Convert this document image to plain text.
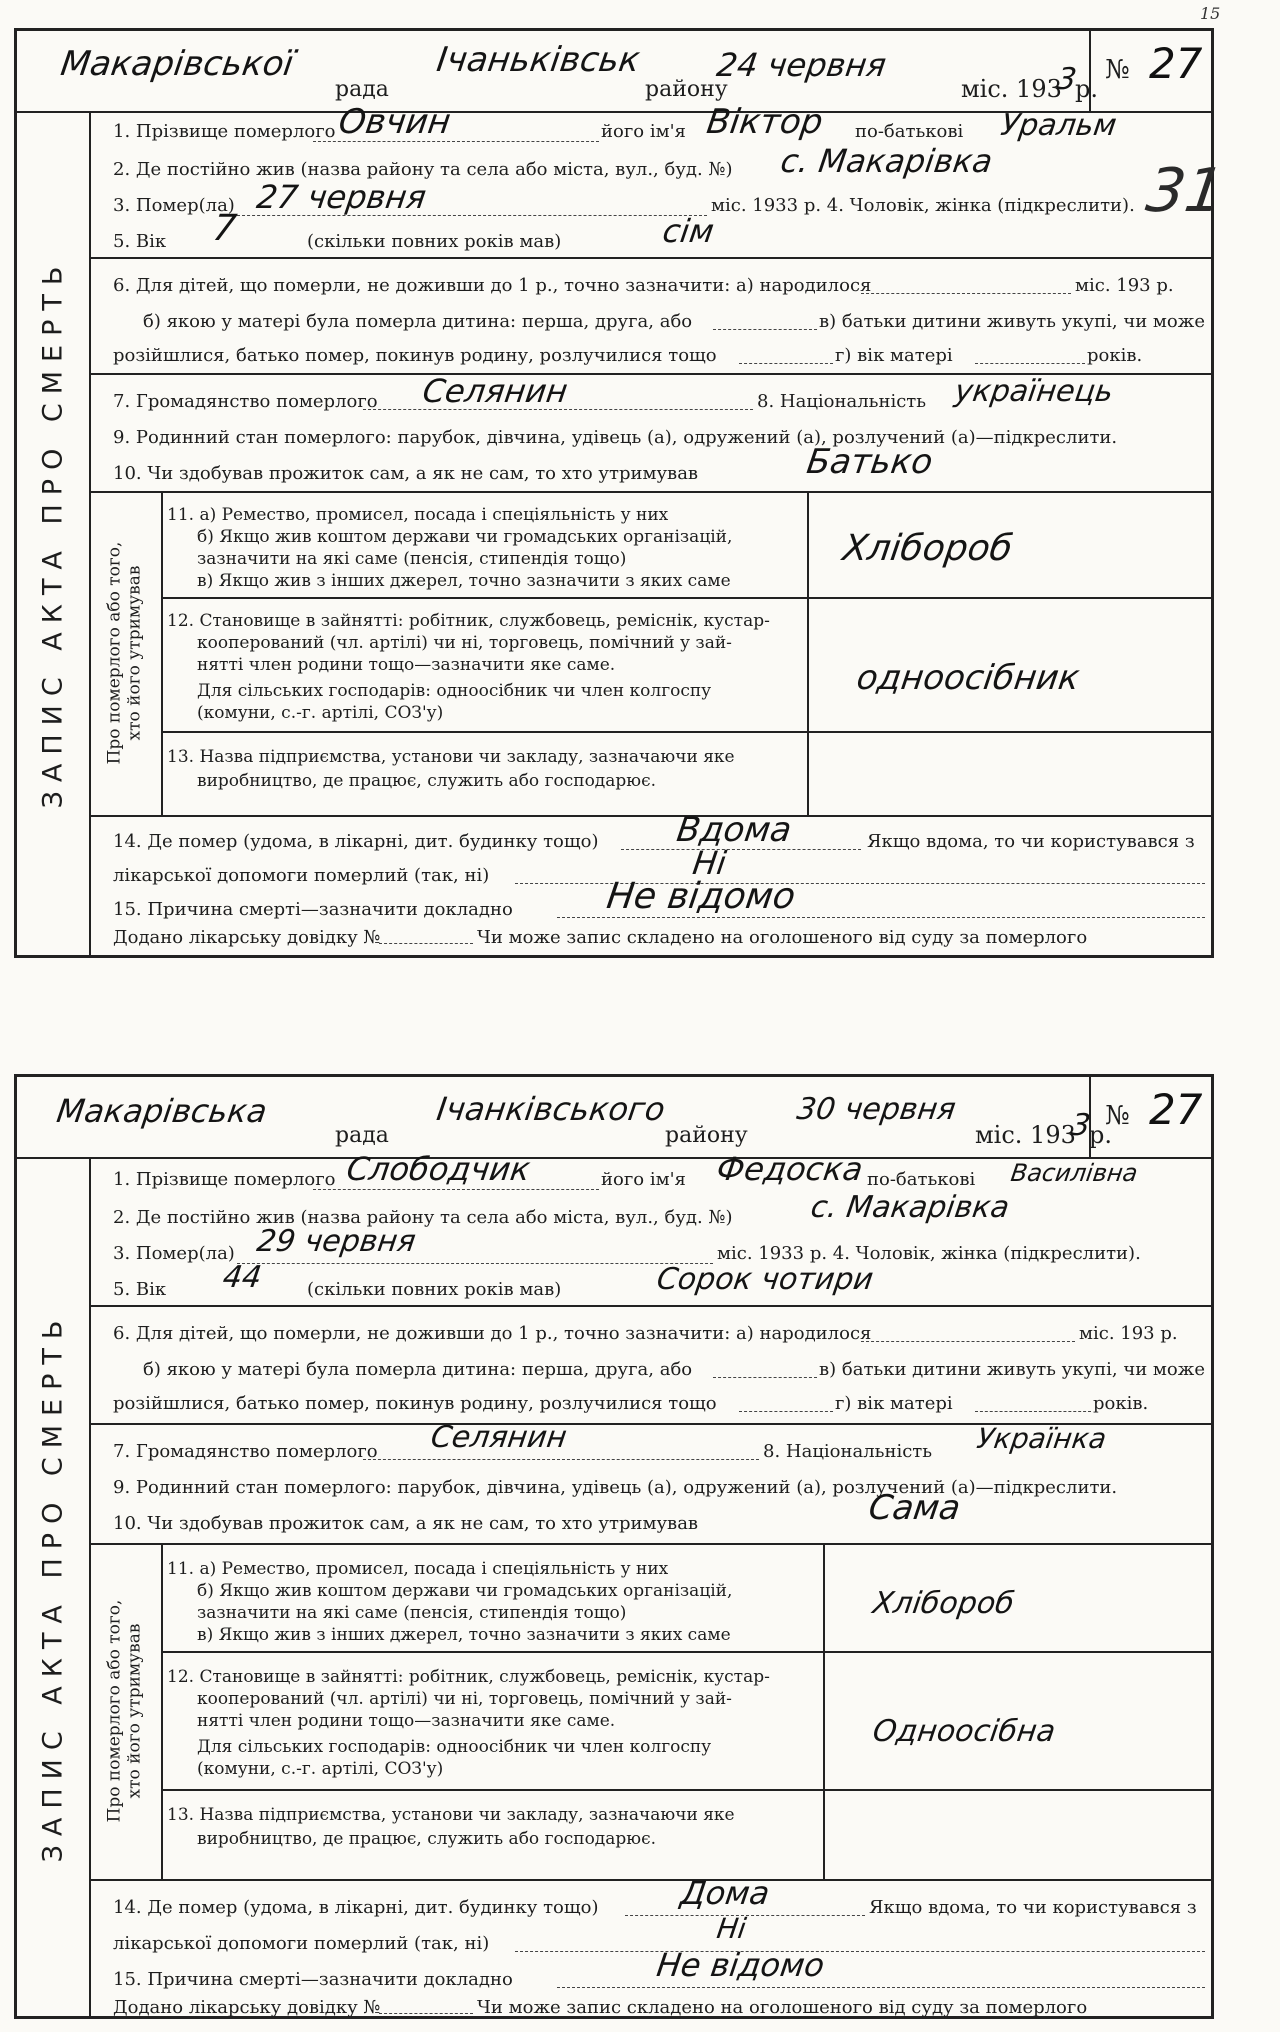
15
Макарівської
рада
Ічаньківськ
району
24 червня
міс. 193
3
р.
№ 27
ЗАПИС АКТА ПРО СМЕРТЬ
1. Прізвище померлого Овчин	його ім'я Віктор по-батькові Уральм
2. Де постійно жив (назва району та села або міста, вул., буд. №) с. Макарівка
3. Помер(ла) 27 червня	міс. 1933 р. 4. Чоловік, жінка (підкреслити). 31
5. Вік 7	(скільки повних років мав)	сім
6. Для дітей, що померли, не доживши до 1 р., точно зазначити: а) народилося	міс. 193 р.
б) якою у матері була померла дитина: перша, друга, або	в) батьки дитини живуть укупі, чи може
розійшлися, батько помер, покинув родину, розлучилися тощо	г) вік матері	років.
7. Громадянство померлого Селянин	8. Національність українець
9. Родинний стан померлого: парубок, дівчина, удівець (а), одружений (а), розлучений (а)—підкреслити.
10. Чи здобував прожиток сам, а як не сам, то хто утримував	Батько
Про померлого або того, хто його утримував
11. а) Ремество, промисел, посада і спеціяльність у них
б) Якщо жив коштом держави чи громадських організацій,
зазначити на які саме (пенсія, стипендія тощо)
в) Якщо жив з інших джерел, точно зазначити з яких саме
Хлібороб
12. Становище в зайнятті: робітник, службовець, реміснік, кустар-
кооперований (чл. артілі) чи ні, торговець, помічний у зай-
нятті член родини тощо—зазначити яке саме.
Для сільських господарів: одноосібник чи член колгоспу
(комуни, с.-г. артілі, СОЗ'у)
одноосібник
13. Назва підприємства, установи чи закладу, зазначаючи яке
виробництво, де працює, служить або господарює.
14. Де помер (удома, в лікарні, дит. будинку тощо) Вдома	Якщо вдома, то чи користувався з
лікарської допомоги померлий (так, ні)	Ні
15. Причина смерті—зазначити докладно	Не відомо
Додано лікарську довідку №	Чи може запис складено на оголошеного від суду за померлого
Макарівська
рада
Ічанківського
району
30 червня
міс. 193
3
р.
№ 27
ЗАПИС АКТА ПРО СМЕРТЬ
1. Прізвище померлого Слободчик	його ім'я Федоска по-батькові Василівна
2. Де постійно жив (назва району та села або міста, вул., буд. №)	с. Макарівка
3. Помер(ла) 29 червня	міс. 1933 р. 4. Чоловік, жінка (підкреслити).
5. Вік 44 (скільки повних років мав)	Сорок чотири
6. Для дітей, що померли, не доживши до 1 р., точно зазначити: а) народилося	міс. 193 р.
б) якою у матері була померла дитина: перша, друга, або	в) батьки дитини живуть укупі, чи може
розійшлися, батько помер, покинув родину, розлучилися тощо	г) вік матері	років.
7. Громадянство померлого Селянин	8. Національність Українка
9. Родинний стан померлого: парубок, дівчина, удівець (а), одружений (а), розлучений (а)—підкреслити.
10. Чи здобував прожиток сам, а як не сам, то хто утримував	Сама
Про померлого або того, хто його утримував
11. а) Ремество, промисел, посада і спеціяльність у них
б) Якщо жив коштом держави чи громадських організацій,
зазначити на які саме (пенсія, стипендія тощо)
в) Якщо жив з інших джерел, точно зазначити з яких саме
Хлібороб
12. Становище в зайнятті: робітник, службовець, реміснік, кустар-
кооперований (чл. артілі) чи ні, торговець, помічний у зай-
нятті член родини тощо—зазначити яке саме.
Для сільських господарів: одноосібник чи член колгоспу
(комуни, с.-г. артілі, СОЗ'у)
Одноосібна
13. Назва підприємства, установи чи закладу, зазначаючи яке
виробництво, де працює, служить або господарює.
14. Де помер (удома, в лікарні, дит. будинку тощо) Дома	Якщо вдома, то чи користувався з
лікарської допомоги померлий (так, ні)	Ні
15. Причина смерті—зазначити докладно	Не відомо
Додано лікарську довідку №	Чи може запис складено на оголошеного від суду за померлого
